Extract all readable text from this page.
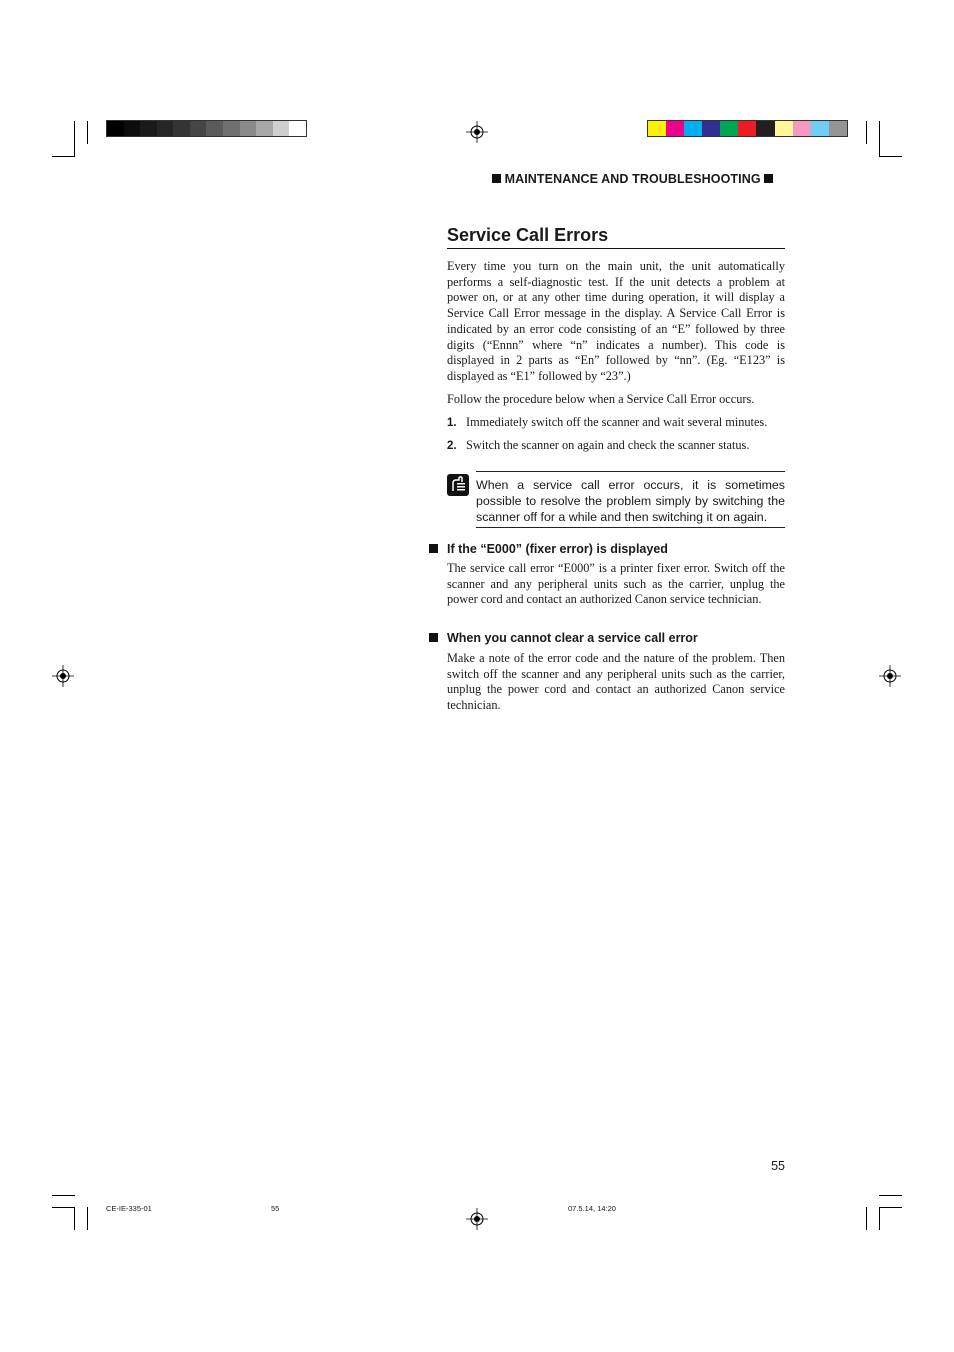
MAINTENANCE AND TROUBLESHOOTING
Service Call Errors
Every time you turn on the main unit, the unit automatically performs a self-diagnostic test. If the unit detects a problem at power on, or at any other time during operation, it will display a Service Call Error message in the display. A Service Call Error is indicated by an error code consisting of an “E” followed by three digits (“Ennn” where “n” indicates a number). This code is displayed in 2 parts as “En” followed by “nn”. (Eg. “E123” is displayed as “E1” followed by “23”.)
Follow the procedure below when a Service Call Error occurs.
1. Immediately switch off the scanner and wait several minutes.
2. Switch the scanner on again and check the scanner status.
When a service call error occurs, it is sometimes possible to resolve the problem simply by switching the scanner off for a while and then switching it on again.
If the “E000” (fixer error) is displayed
The service call error “E000” is a printer fixer error. Switch off the scanner and any peripheral units such as the carrier, unplug the power cord and contact an authorized Canon service technician.
When you cannot clear a service call error
Make a note of the error code and the nature of the problem. Then switch off the scanner and any peripheral units such as the carrier, unplug the power cord and contact an authorized Canon service technician.
55
CE-IE-335-01	55	07.5.14, 14:20
